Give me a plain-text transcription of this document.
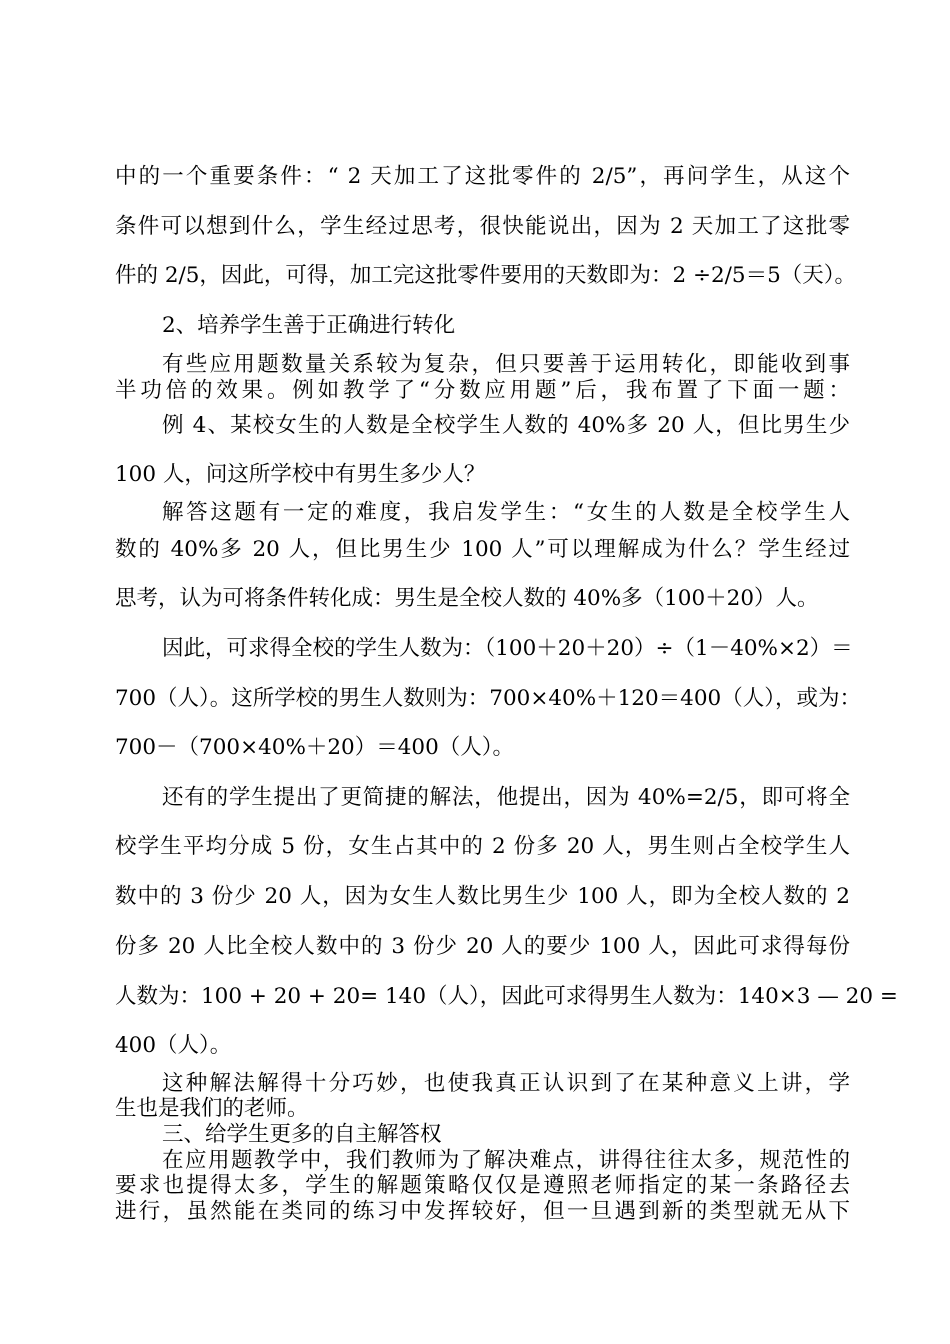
中的一个重要条件：“ 2 天加工了这批零件的 2/5”，再问学生，从这个
条件可以想到什么，学生经过思考，很快能说出，因为 2 天加工了这批零
件的 2/5，因此，可得，加工完这批零件要用的天数即为：2 ÷2/5＝5（天）。
2、培养学生善于正确进行转化
有些应用题数量关系较为复杂，但只要善于运用转化，即能收到事
半功倍的效果。例如教学了“分数应用题”后，我布置了下面一题：
例 4、某校女生的人数是全校学生人数的 40%多 20 人，但比男生少
100 人，问这所学校中有男生多少人？
解答这题有一定的难度，我启发学生：“女生的人数是全校学生人
数的 40%多 20 人，但比男生少 100 人”可以理解成为什么？学生经过
思考，认为可将条件转化成：男生是全校人数的 40%多（100＋20）人。
因此，可求得全校的学生人数为：（100＋20＋20）÷（1－40%×2）＝
700（人）。这所学校的男生人数则为：700×40%＋120＝400（人），或为：
700－（700×40%＋20）＝400（人）。
还有的学生提出了更简捷的解法，他提出，因为 40%=2/5，即可将全
校学生平均分成 5 份，女生占其中的 2 份多 20 人，男生则占全校学生人
数中的 3 份少 20 人，因为女生人数比男生少 100 人，即为全校人数的 2
份多 20 人比全校人数中的 3 份少 20 人的要少 100 人，因此可求得每份
人数为：100 + 20 + 20= 140（人），因此可求得男生人数为：140×3 — 20 =
400（人）。
这种解法解得十分巧妙，也使我真正认识到了在某种意义上讲，学
生也是我们的老师。
三、给学生更多的自主解答权
在应用题教学中，我们教师为了解决难点，讲得往往太多，规范性的
要求也提得太多，学生的解题策略仅仅是遵照老师指定的某一条路径去
进行，虽然能在类同的练习中发挥较好，但一旦遇到新的类型就无从下
